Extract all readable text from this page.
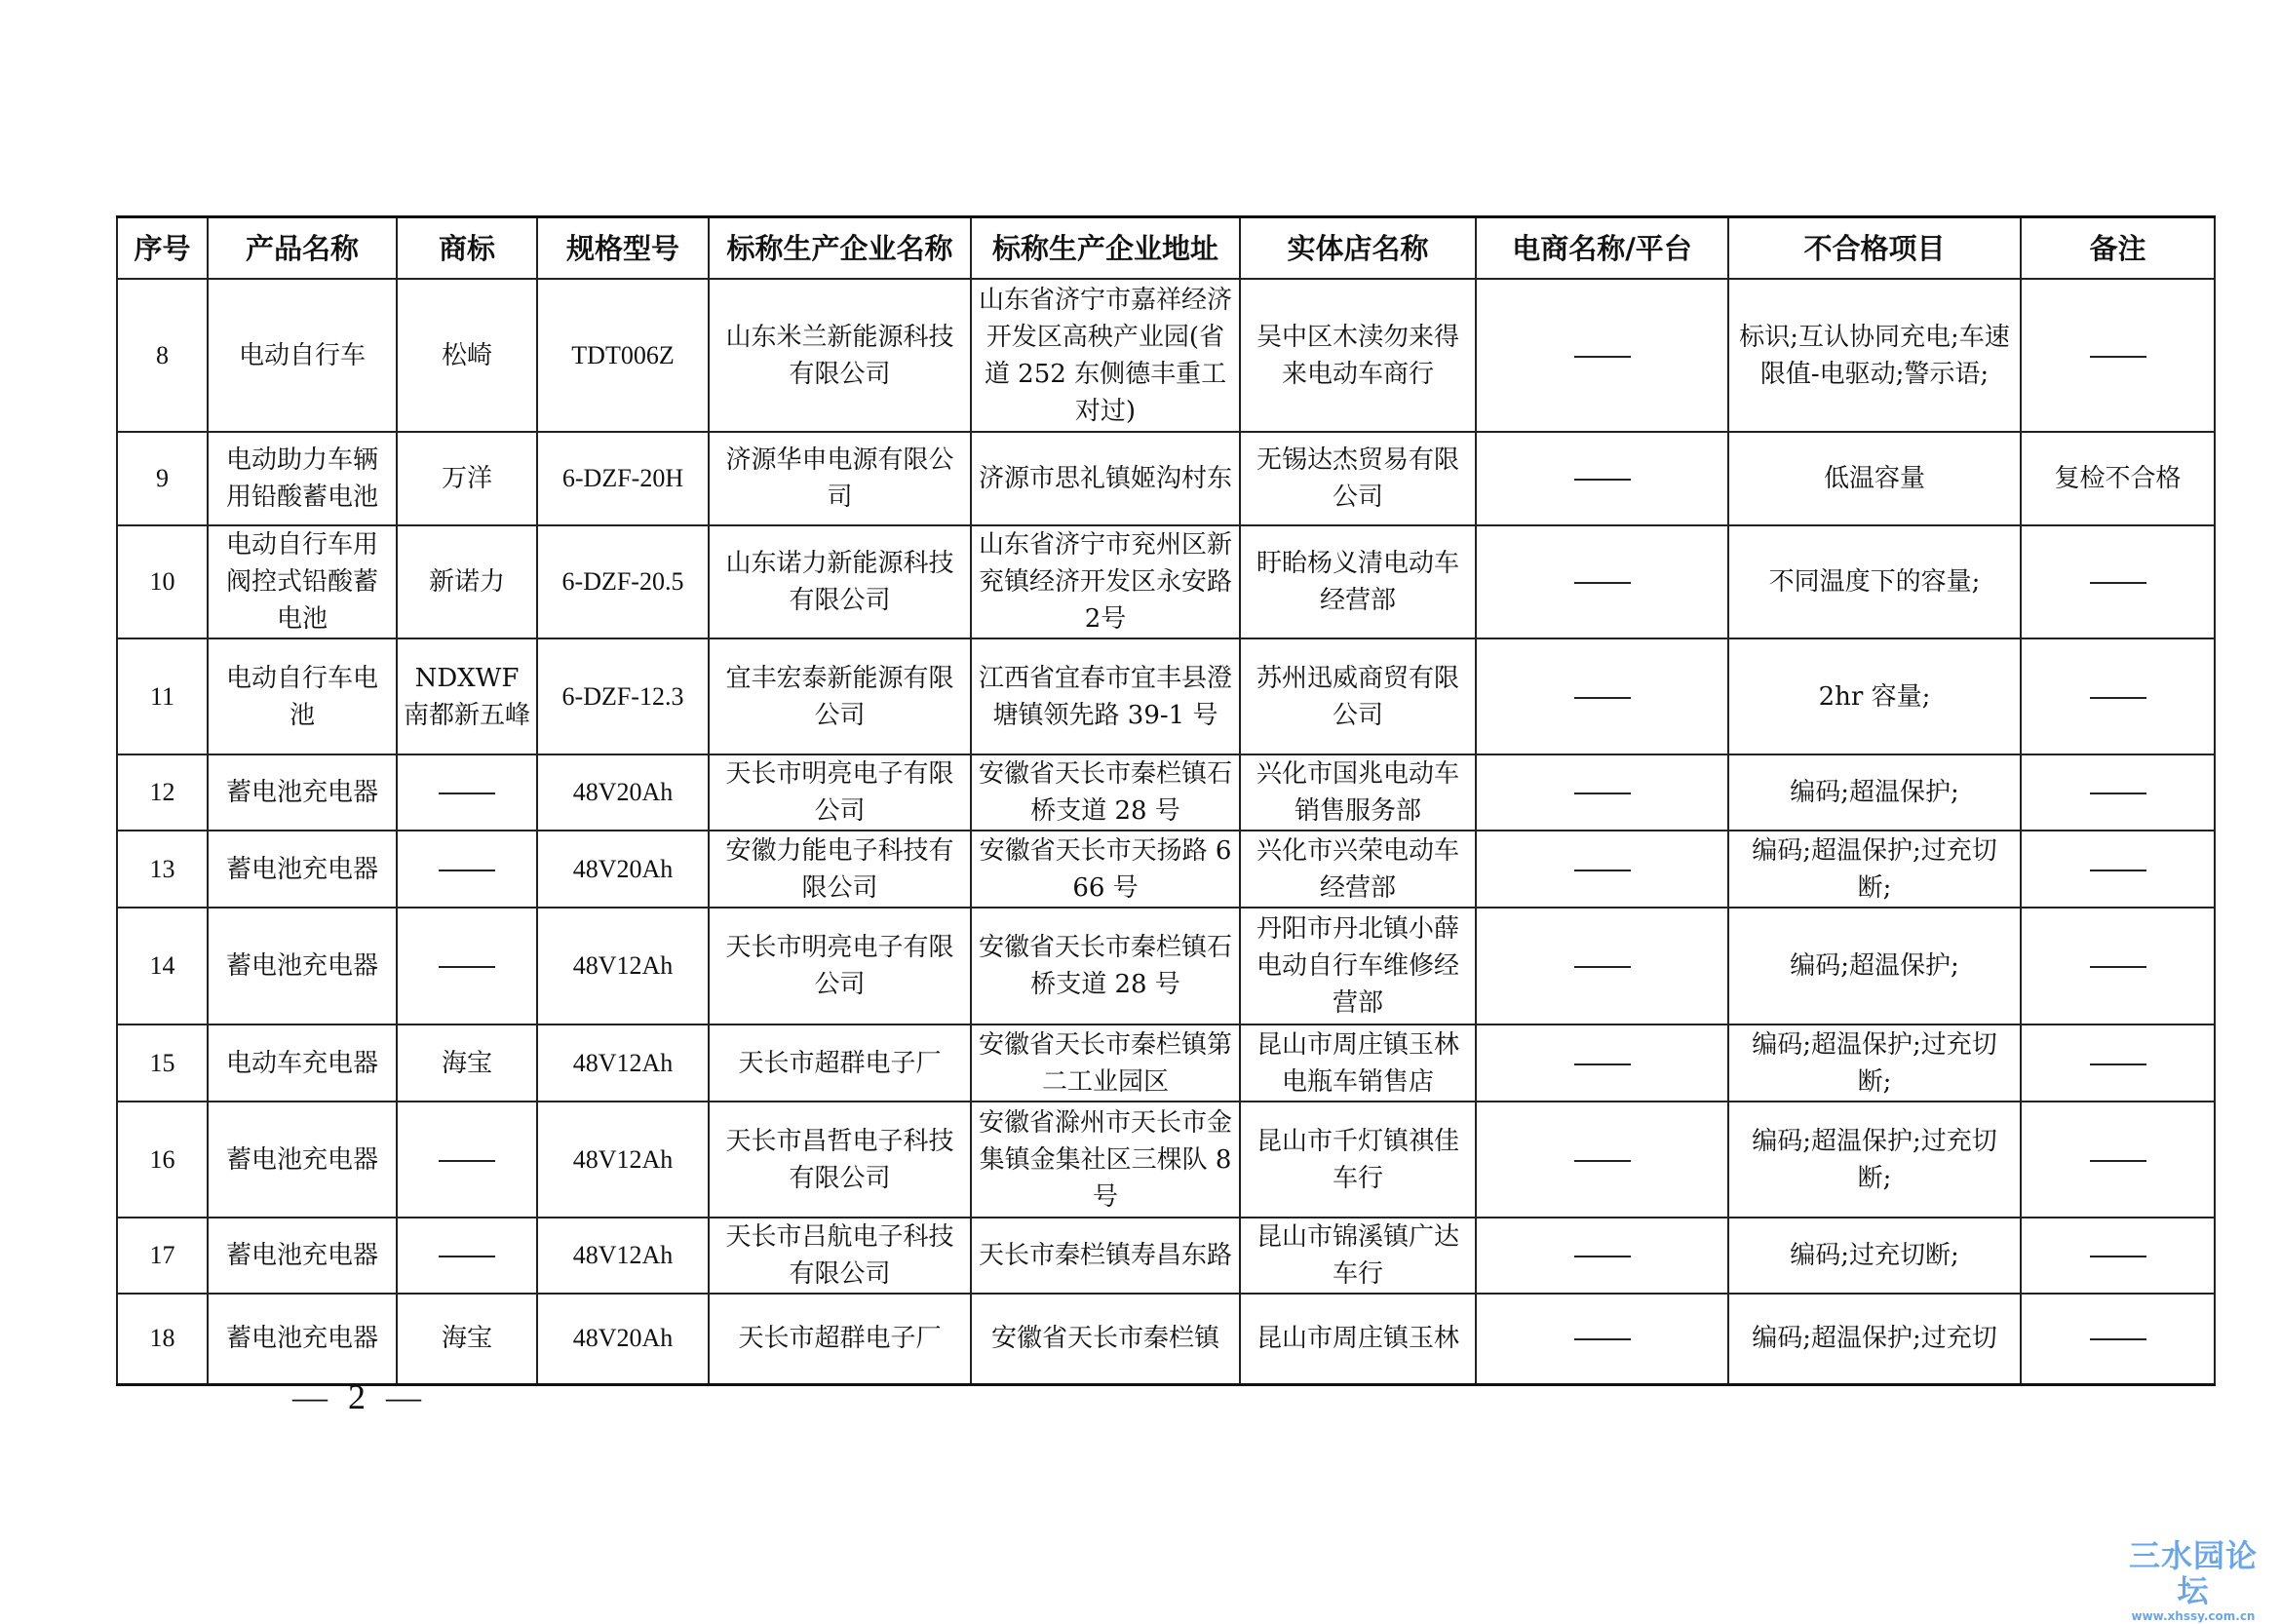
序号	产品名称	商标	规格型号	标称生产企业名称	标称生产企业地址	实体店名称	电商名称/平台	不合格项目	备注
8	电动自行车	松崎	TDT006Z	山东米兰新能源科技有限公司	山东省济宁市嘉祥经济开发区高秧产业园(省道 252 东侧德丰重工对过)	吴中区木渎勿来得来电动车商行		标识;互认协同充电;车速限值-电驱动;警示语;	
9	电动助力车辆用铅酸蓄电池	万洋	6-DZF-20H	济源华申电源有限公司	济源市思礼镇姬沟村东	无锡达杰贸易有限公司		低温容量	复检不合格
10	电动自行车用阀控式铅酸蓄电池	新诺力	6-DZF-20.5	山东诺力新能源科技有限公司	山东省济宁市兖州区新兖镇经济开发区永安路2号	盱眙杨义清电动车经营部		不同温度下的容量;	
11	电动自行车电池	NDXWF 南都新五峰	6-DZF-12.3	宜丰宏泰新能源有限公司	江西省宜春市宜丰县澄塘镇领先路 39-1 号	苏州迅威商贸有限公司		2hr 容量;	
12	蓄电池充电器		48V20Ah	天长市明亮电子有限公司	安徽省天长市秦栏镇石桥支道 28 号	兴化市国兆电动车销售服务部		编码;超温保护;	
13	蓄电池充电器		48V20Ah	安徽力能电子科技有限公司	安徽省天长市天扬路 666 号	兴化市兴荣电动车经营部		编码;超温保护;过充切断;	
14	蓄电池充电器		48V12Ah	天长市明亮电子有限公司	安徽省天长市秦栏镇石桥支道 28 号	丹阳市丹北镇小薛电动自行车维修经营部		编码;超温保护;	
15	电动车充电器	海宝	48V12Ah	天长市超群电子厂	安徽省天长市秦栏镇第二工业园区	昆山市周庄镇玉林电瓶车销售店		编码;超温保护;过充切断;	
16	蓄电池充电器		48V12Ah	天长市昌哲电子科技有限公司	安徽省滁州市天长市金集镇金集社区三棵队 8 号	昆山市千灯镇祺佳车行		编码;超温保护;过充切断;	
17	蓄电池充电器		48V12Ah	天长市吕航电子科技有限公司	天长市秦栏镇寿昌东路	昆山市锦溪镇广达车行		编码;过充切断;	
18	蓄电池充电器	海宝	48V20Ah	天长市超群电子厂	安徽省天长市秦栏镇	昆山市周庄镇玉林		编码;超温保护;过充切	
— 2 —
三水园论坛
www.xhssy.com.cn
